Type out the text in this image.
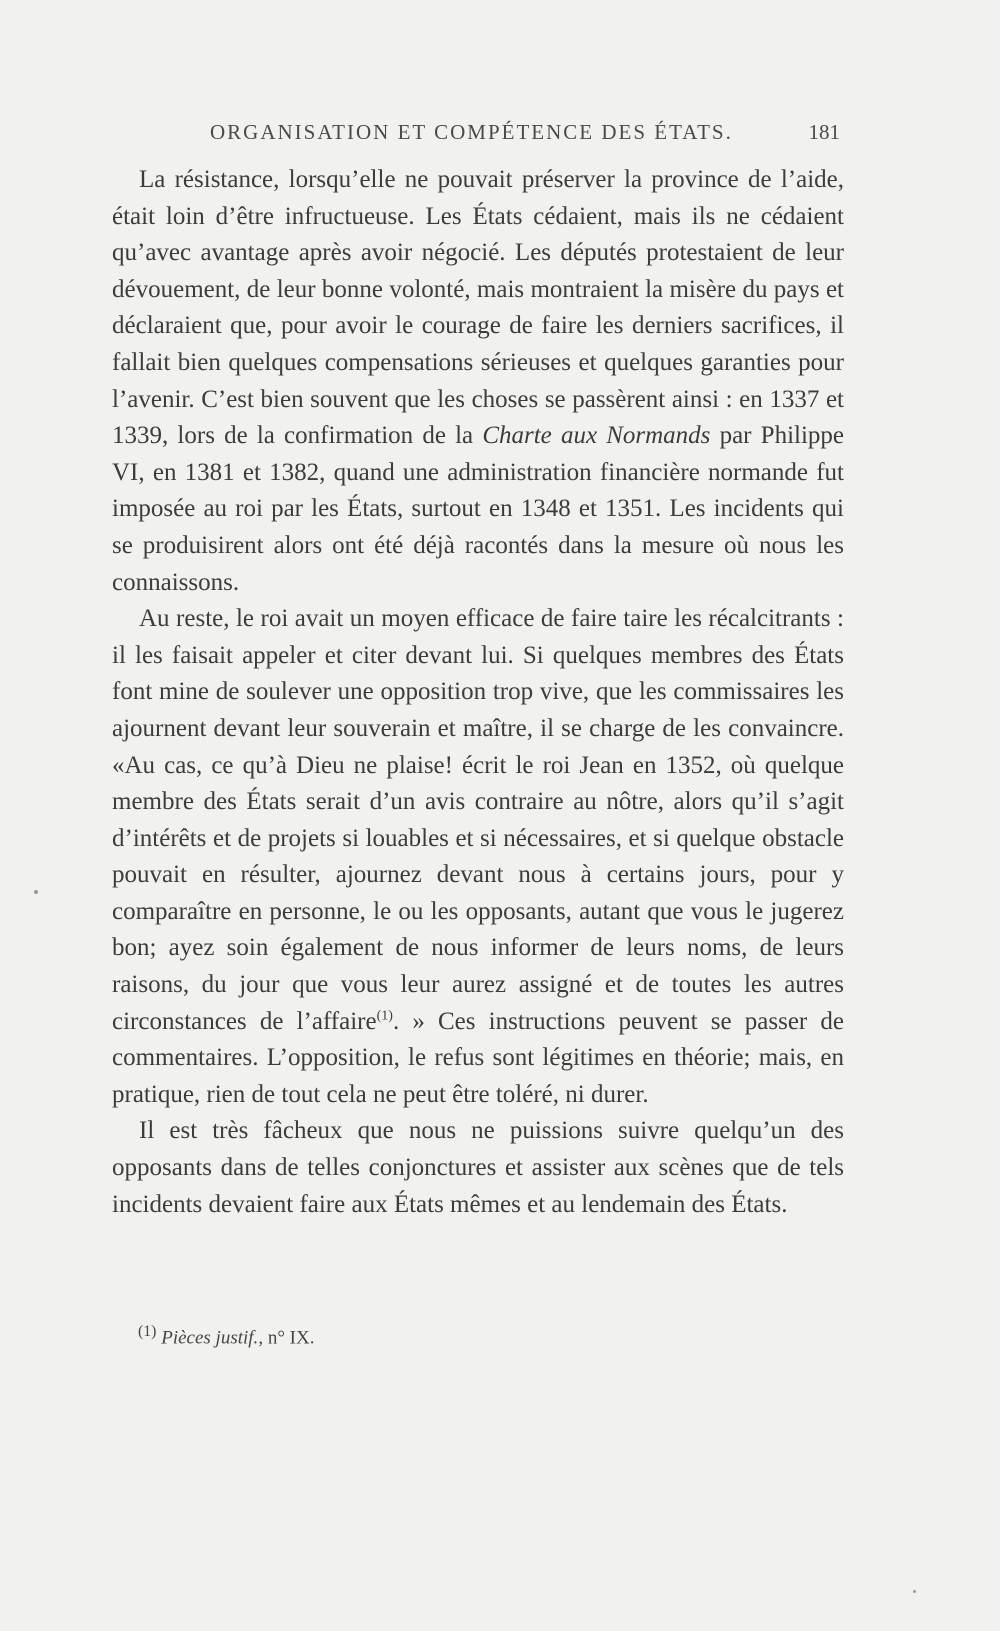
ORGANISATION ET COMPÉTENCE DES ÉTATS.	181

La résistance, lorsqu’elle ne pouvait préserver la province de l’aide, était loin d’être infructueuse. Les États cédaient, mais ils ne cédaient qu’avec avantage après avoir négocié. Les députés protestaient de leur dévouement, de leur bonne volonté, mais montraient la misère du pays et déclaraient que, pour avoir le courage de faire les derniers sacrifices, il fallait bien quelques compensations sérieuses et quelques garanties pour l’avenir. C’est bien souvent que les choses se passèrent ainsi : en 1337 et 1339, lors de la confirmation de la Charte aux Normands par Philippe VI, en 1381 et 1382, quand une administration financière normande fut imposée au roi par les États, surtout en 1348 et 1351. Les incidents qui se produisirent alors ont été déjà racontés dans la mesure où nous les connaissons.

Au reste, le roi avait un moyen efficace de faire taire les récalcitrants : il les faisait appeler et citer devant lui. Si quelques membres des États font mine de soulever une opposition trop vive, que les commissaires les ajournent devant leur souverain et maître, il se charge de les convaincre. «Au cas, ce qu’à Dieu ne plaise! écrit le roi Jean en 1352, où quelque membre des États serait d’un avis contraire au nôtre, alors qu’il s’agit d’intérêts et de projets si louables et si nécessaires, et si quelque obstacle pouvait en résulter, ajournez devant nous à certains jours, pour y comparaître en personne, le ou les opposants, autant que vous le jugerez bon; ayez soin également de nous informer de leurs noms, de leurs raisons, du jour que vous leur aurez assigné et de toutes les autres circonstances de l’affaire$^{(1)}$. » Ces instructions peuvent se passer de commentaires. L’opposition, le refus sont légitimes en théorie; mais, en pratique, rien de tout cela ne peut être toléré, ni durer.

Il est très fâcheux que nous ne puissions suivre quelqu’un des opposants dans de telles conjonctures et assister aux scènes que de tels incidents devaient faire aux États mêmes et au lendemain des États.

$^{(1)}$ Pièces justif., n° IX.
